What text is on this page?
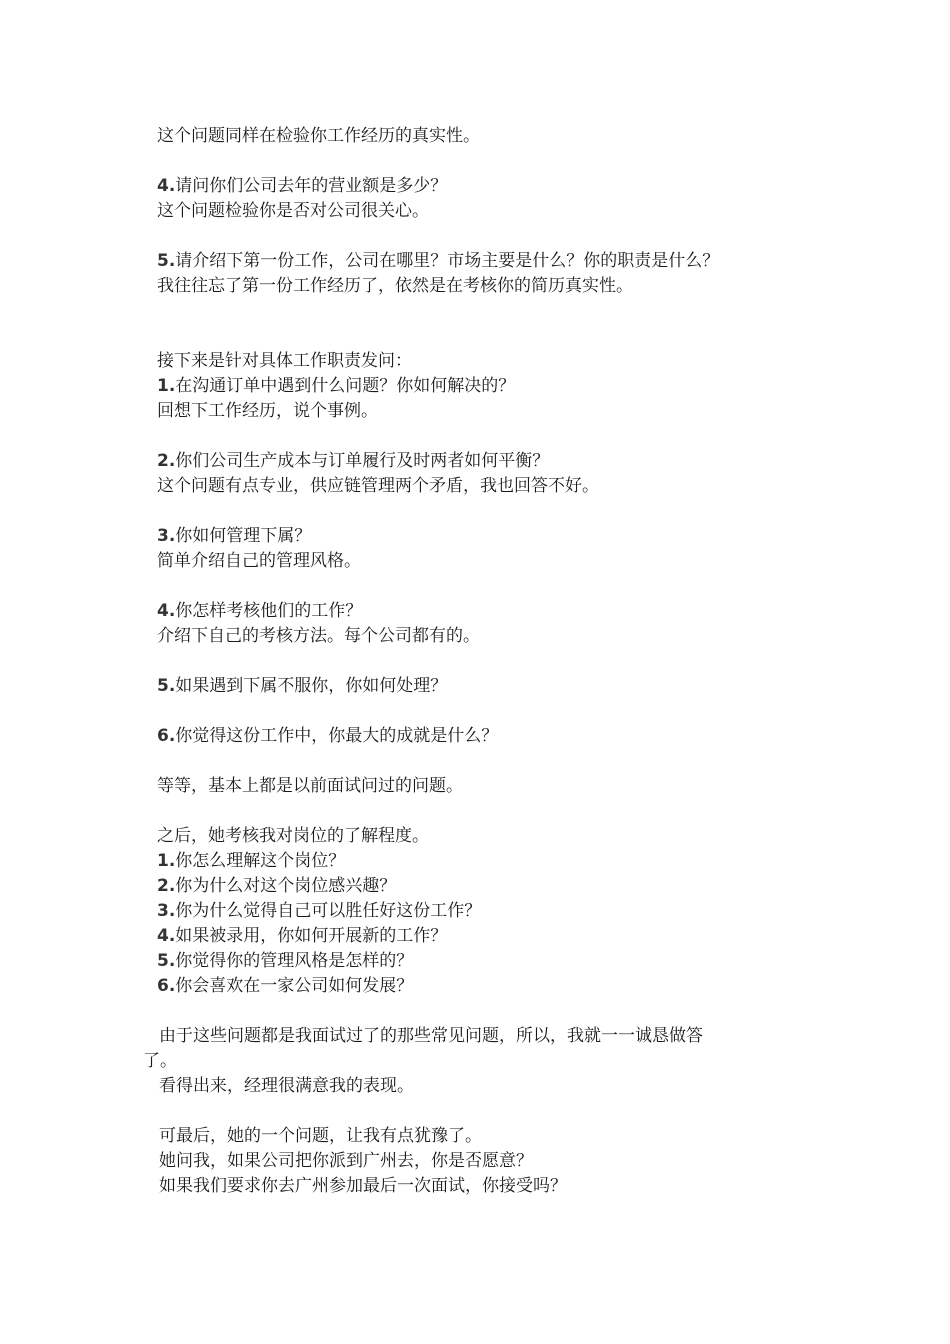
这个问题同样在检验你工作经历的真实性。
4.请问你们公司去年的营业额是多少？
这个问题检验你是否对公司很关心。
5.请介绍下第一份工作，公司在哪里？市场主要是什么？你的职责是什么？
我往往忘了第一份工作经历了，依然是在考核你的简历真实性。
接下来是针对具体工作职责发问：
1.在沟通订单中遇到什么问题？你如何解决的？
回想下工作经历，说个事例。
2.你们公司生产成本与订单履行及时两者如何平衡？
这个问题有点专业，供应链管理两个矛盾，我也回答不好。
3.你如何管理下属？
简单介绍自己的管理风格。
4.你怎样考核他们的工作？
介绍下自己的考核方法。每个公司都有的。
5.如果遇到下属不服你，你如何处理？
6.你觉得这份工作中，你最大的成就是什么？
等等，基本上都是以前面试问过的问题。
之后，她考核我对岗位的了解程度。
1.你怎么理解这个岗位？
2.你为什么对这个岗位感兴趣？
3.你为什么觉得自己可以胜任好这份工作？
4.如果被录用，你如何开展新的工作？
5.你觉得你的管理风格是怎样的？
6.你会喜欢在一家公司如何发展？
由于这些问题都是我面试过了的那些常见问题，所以，我就一一诚恳做答
了。
看得出来，经理很满意我的表现。
可最后，她的一个问题，让我有点犹豫了。
她问我，如果公司把你派到广州去，你是否愿意？
如果我们要求你去广州参加最后一次面试，你接受吗？
